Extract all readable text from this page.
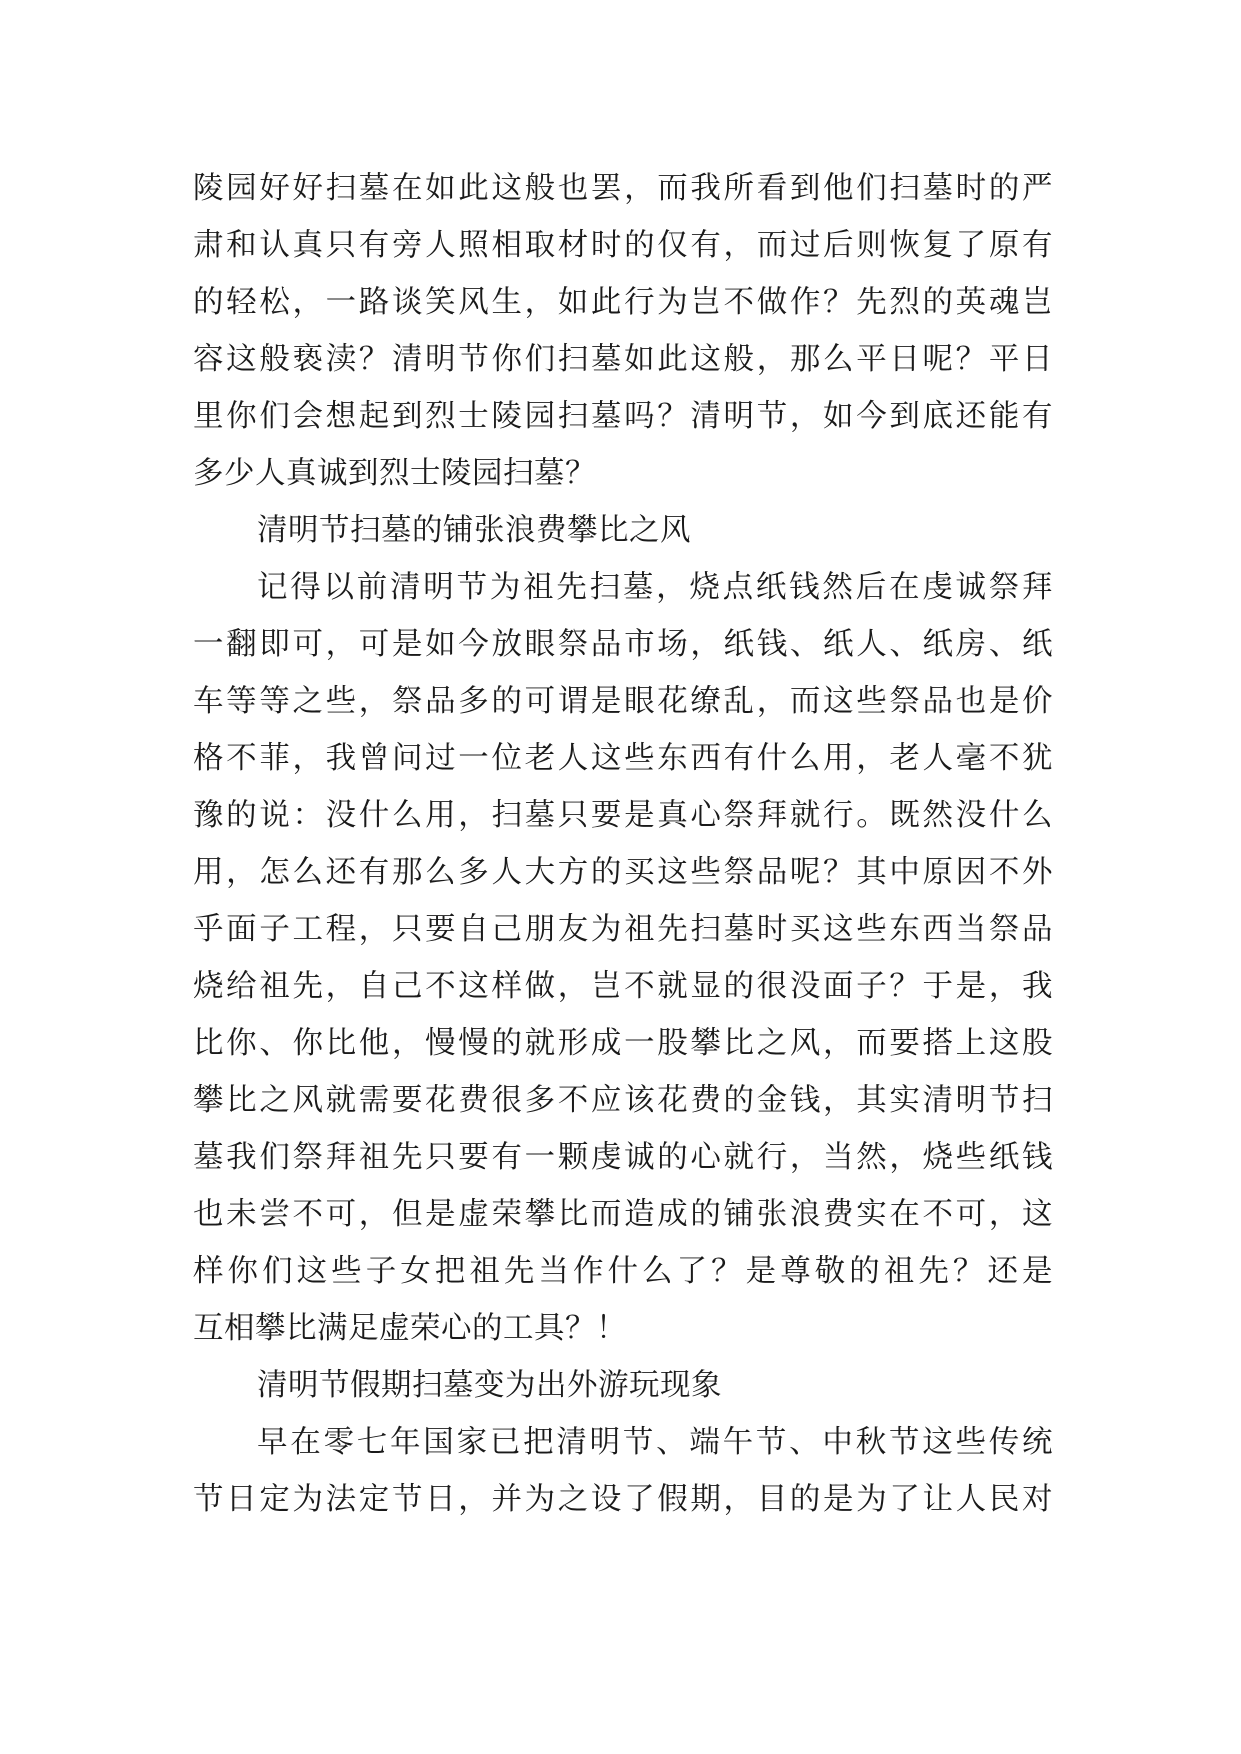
陵园好好扫墓在如此这般也罢，而我所看到他们扫墓时的严
肃和认真只有旁人照相取材时的仅有，而过后则恢复了原有
的轻松，一路谈笑风生，如此行为岂不做作？先烈的英魂岂
容这般亵渎？清明节你们扫墓如此这般，那么平日呢？平日
里你们会想起到烈士陵园扫墓吗？清明节，如今到底还能有
多少人真诚到烈士陵园扫墓？
清明节扫墓的铺张浪费攀比之风
记得以前清明节为祖先扫墓，烧点纸钱然后在虔诚祭拜
一翻即可，可是如今放眼祭品市场，纸钱、纸人、纸房、纸
车等等之些，祭品多的可谓是眼花缭乱，而这些祭品也是价
格不菲，我曾问过一位老人这些东西有什么用，老人毫不犹
豫的说：没什么用，扫墓只要是真心祭拜就行。既然没什么
用，怎么还有那么多人大方的买这些祭品呢？其中原因不外
乎面子工程，只要自己朋友为祖先扫墓时买这些东西当祭品
烧给祖先，自己不这样做，岂不就显的很没面子？于是，我
比你、你比他，慢慢的就形成一股攀比之风，而要搭上这股
攀比之风就需要花费很多不应该花费的金钱，其实清明节扫
墓我们祭拜祖先只要有一颗虔诚的心就行，当然，烧些纸钱
也未尝不可，但是虚荣攀比而造成的铺张浪费实在不可，这
样你们这些子女把祖先当作什么了？是尊敬的祖先？还是
互相攀比满足虚荣心的工具？！
清明节假期扫墓变为出外游玩现象
早在零七年国家已把清明节、端午节、中秋节这些传统
节日定为法定节日，并为之设了假期，目的是为了让人民对
